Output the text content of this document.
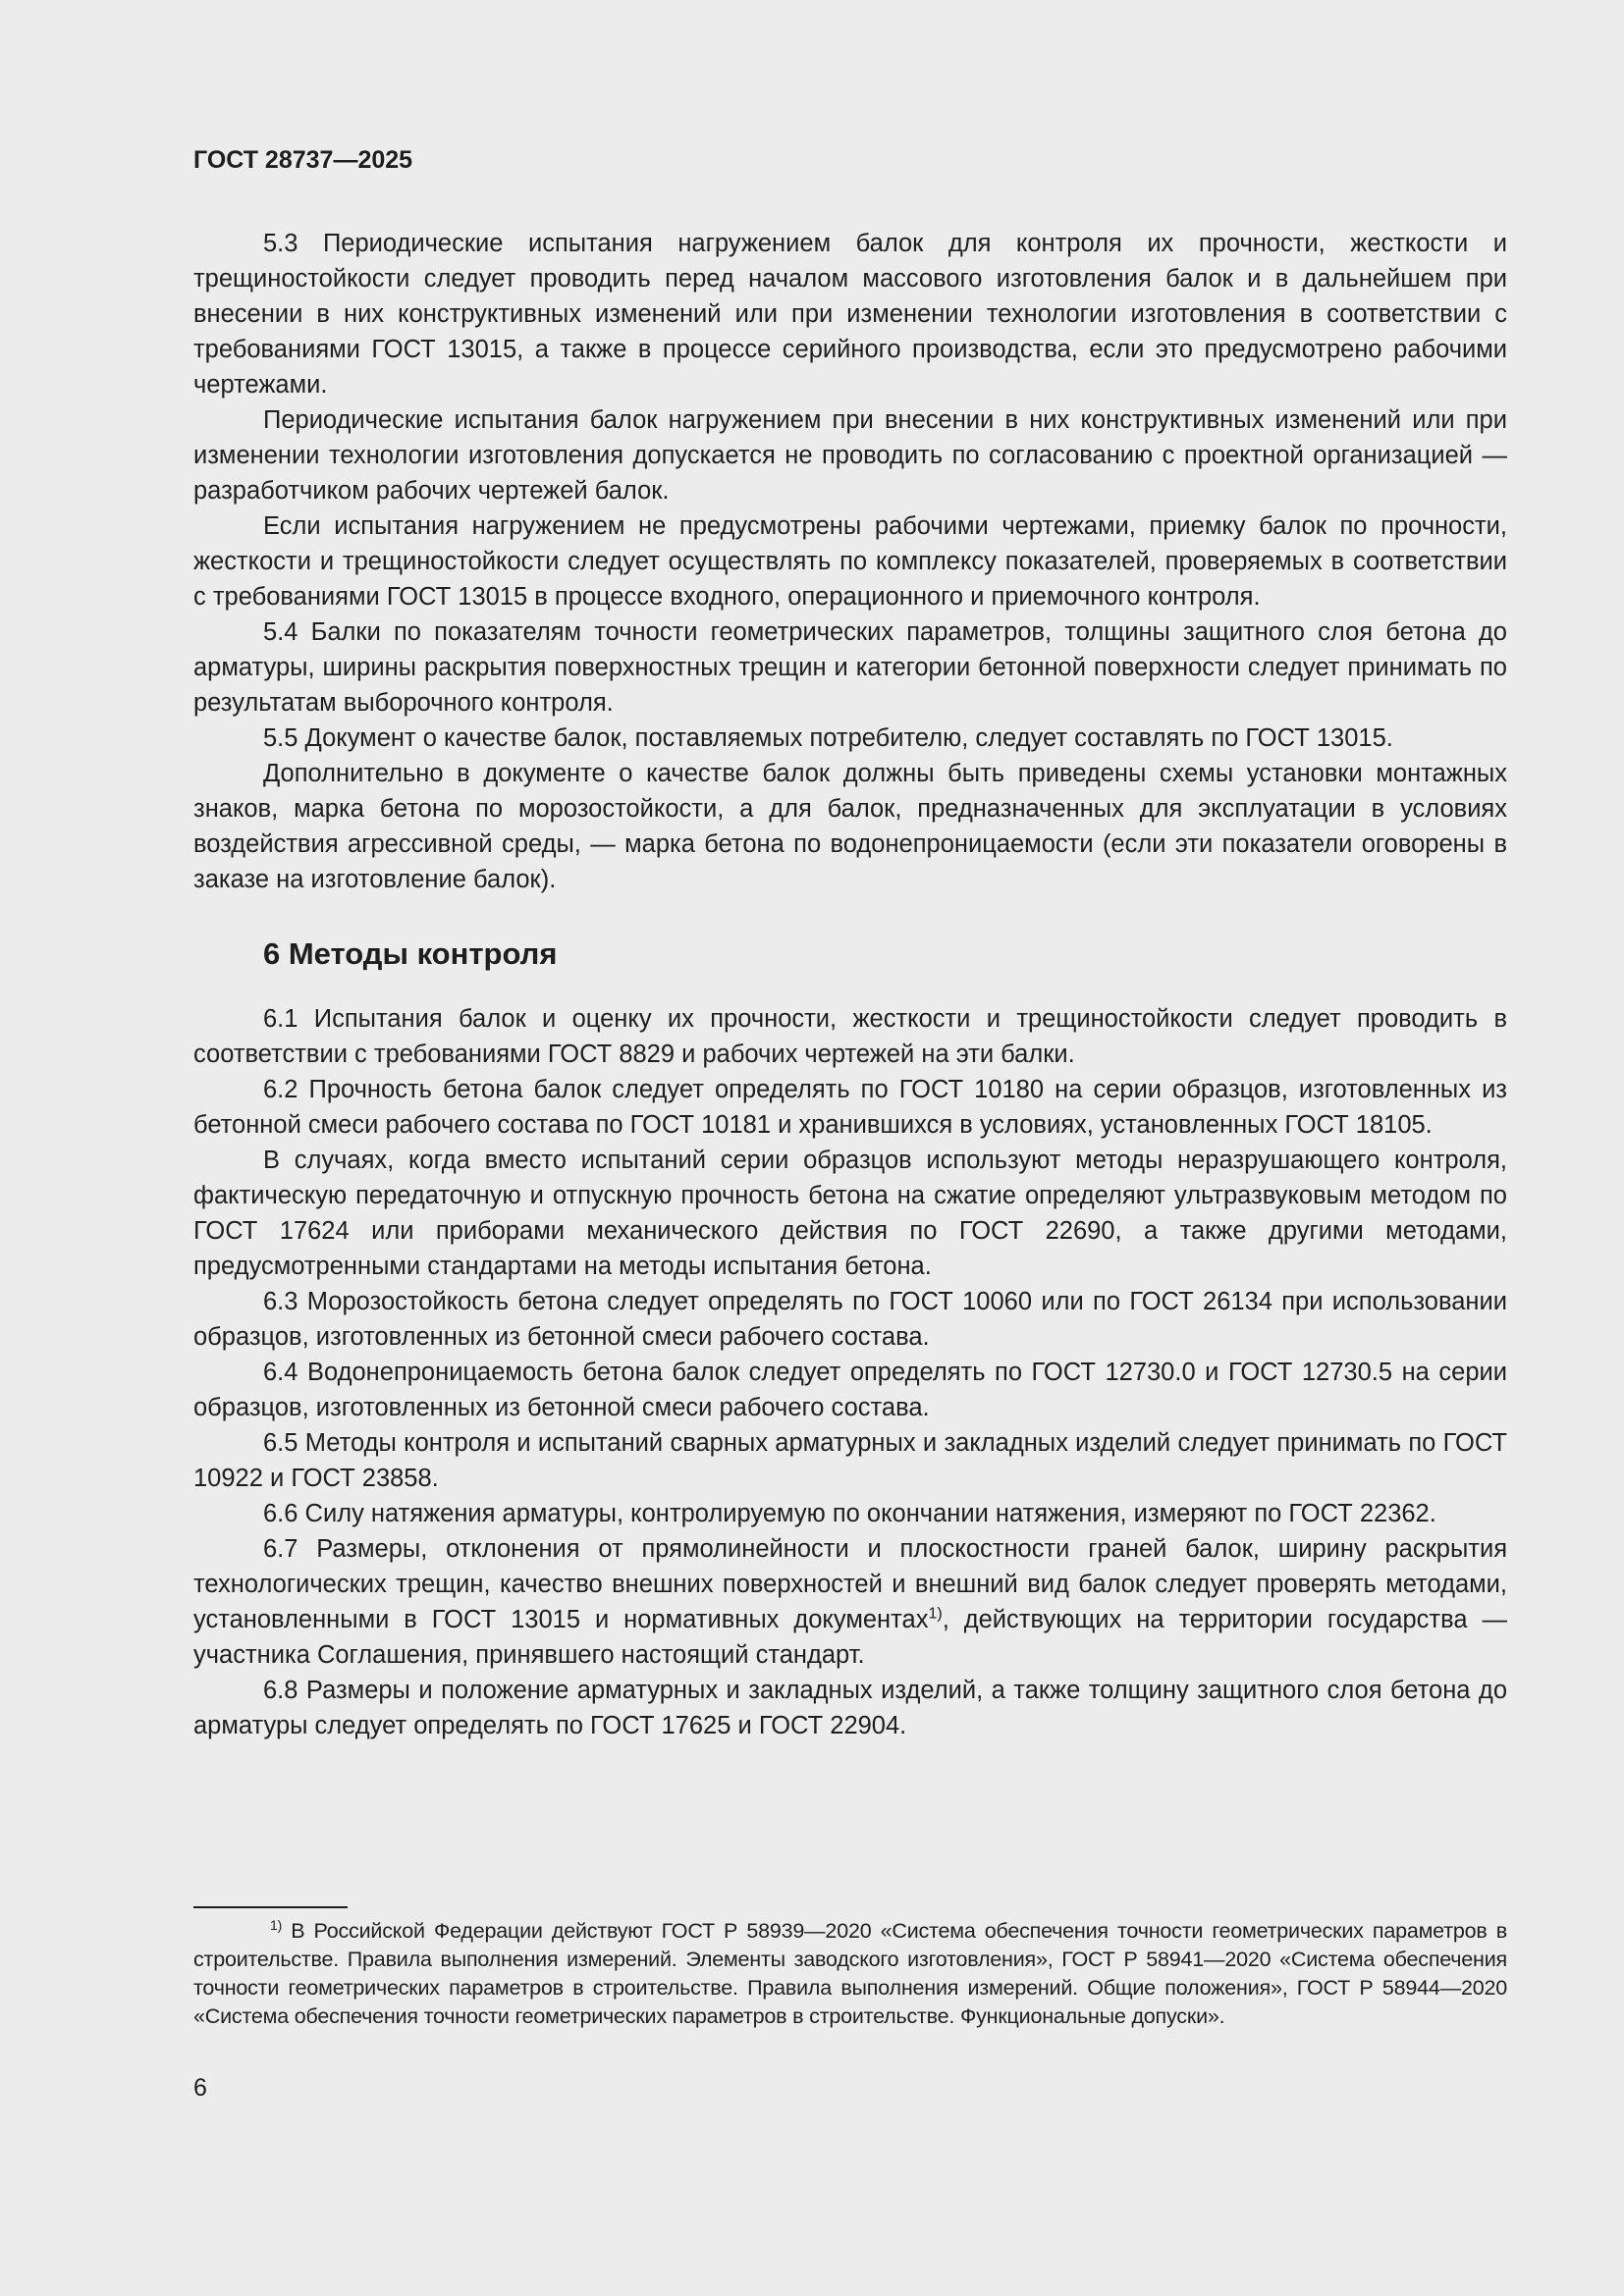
ГОСТ 28737—2025

5.3 Периодические испытания нагружением балок для контроля их прочности, жесткости и трещиностойкости следует проводить перед началом массового изготовления балок и в дальнейшем при внесении в них конструктивных изменений или при изменении технологии изготовления в соответствии с требованиями ГОСТ 13015, а также в процессе серийного производства, если это предусмотрено рабочими чертежами.

Периодические испытания балок нагружением при внесении в них конструктивных изменений или при изменении технологии изготовления допускается не проводить по согласованию с проектной организацией — разработчиком рабочих чертежей балок.

Если испытания нагружением не предусмотрены рабочими чертежами, приемку балок по прочности, жесткости и трещиностойкости следует осуществлять по комплексу показателей, проверяемых в соответствии с требованиями ГОСТ 13015 в процессе входного, операционного и приемочного контроля.

5.4 Балки по показателям точности геометрических параметров, толщины защитного слоя бетона до арматуры, ширины раскрытия поверхностных трещин и категории бетонной поверхности следует принимать по результатам выборочного контроля.

5.5 Документ о качестве балок, поставляемых потребителю, следует составлять по ГОСТ 13015.

Дополнительно в документе о качестве балок должны быть приведены схемы установки монтажных знаков, марка бетона по морозостойкости, а для балок, предназначенных для эксплуатации в условиях воздействия агрессивной среды, — марка бетона по водонепроницаемости (если эти показатели оговорены в заказе на изготовление балок).

6 Методы контроля

6.1 Испытания балок и оценку их прочности, жесткости и трещиностойкости следует проводить в соответствии с требованиями ГОСТ 8829 и рабочих чертежей на эти балки.

6.2 Прочность бетона балок следует определять по ГОСТ 10180 на серии образцов, изготовленных из бетонной смеси рабочего состава по ГОСТ 10181 и хранившихся в условиях, установленных ГОСТ 18105.

В случаях, когда вместо испытаний серии образцов используют методы неразрушающего контроля, фактическую передаточную и отпускную прочность бетона на сжатие определяют ультразвуковым методом по ГОСТ 17624 или приборами механического действия по ГОСТ 22690, а также другими методами, предусмотренными стандартами на методы испытания бетона.

6.3 Морозостойкость бетона следует определять по ГОСТ 10060 или по ГОСТ 26134 при использовании образцов, изготовленных из бетонной смеси рабочего состава.

6.4 Водонепроницаемость бетона балок следует определять по ГОСТ 12730.0 и ГОСТ 12730.5 на серии образцов, изготовленных из бетонной смеси рабочего состава.

6.5 Методы контроля и испытаний сварных арматурных и закладных изделий следует принимать по ГОСТ 10922 и ГОСТ 23858.

6.6 Силу натяжения арматуры, контролируемую по окончании натяжения, измеряют по ГОСТ 22362.

6.7 Размеры, отклонения от прямолинейности и плоскостности граней балок, ширину раскрытия технологических трещин, качество внешних поверхностей и внешний вид балок следует проверять методами, установленными в ГОСТ 13015 и нормативных документах$^{1)}$, действующих на территории государства — участника Соглашения, принявшего настоящий стандарт.

6.8 Размеры и положение арматурных и закладных изделий, а также толщину защитного слоя бетона до арматуры следует определять по ГОСТ 17625 и ГОСТ 22904.

$^{1)}$ В Российской Федерации действуют ГОСТ Р 58939—2020 «Система обеспечения точности геометрических параметров в строительстве. Правила выполнения измерений. Элементы заводского изготовления», ГОСТ Р 58941—2020 «Система обеспечения точности геометрических параметров в строительстве. Правила выполнения измерений. Общие положения», ГОСТ Р 58944—2020 «Система обеспечения точности геометрических параметров в строительстве. Функциональные допуски».

6
